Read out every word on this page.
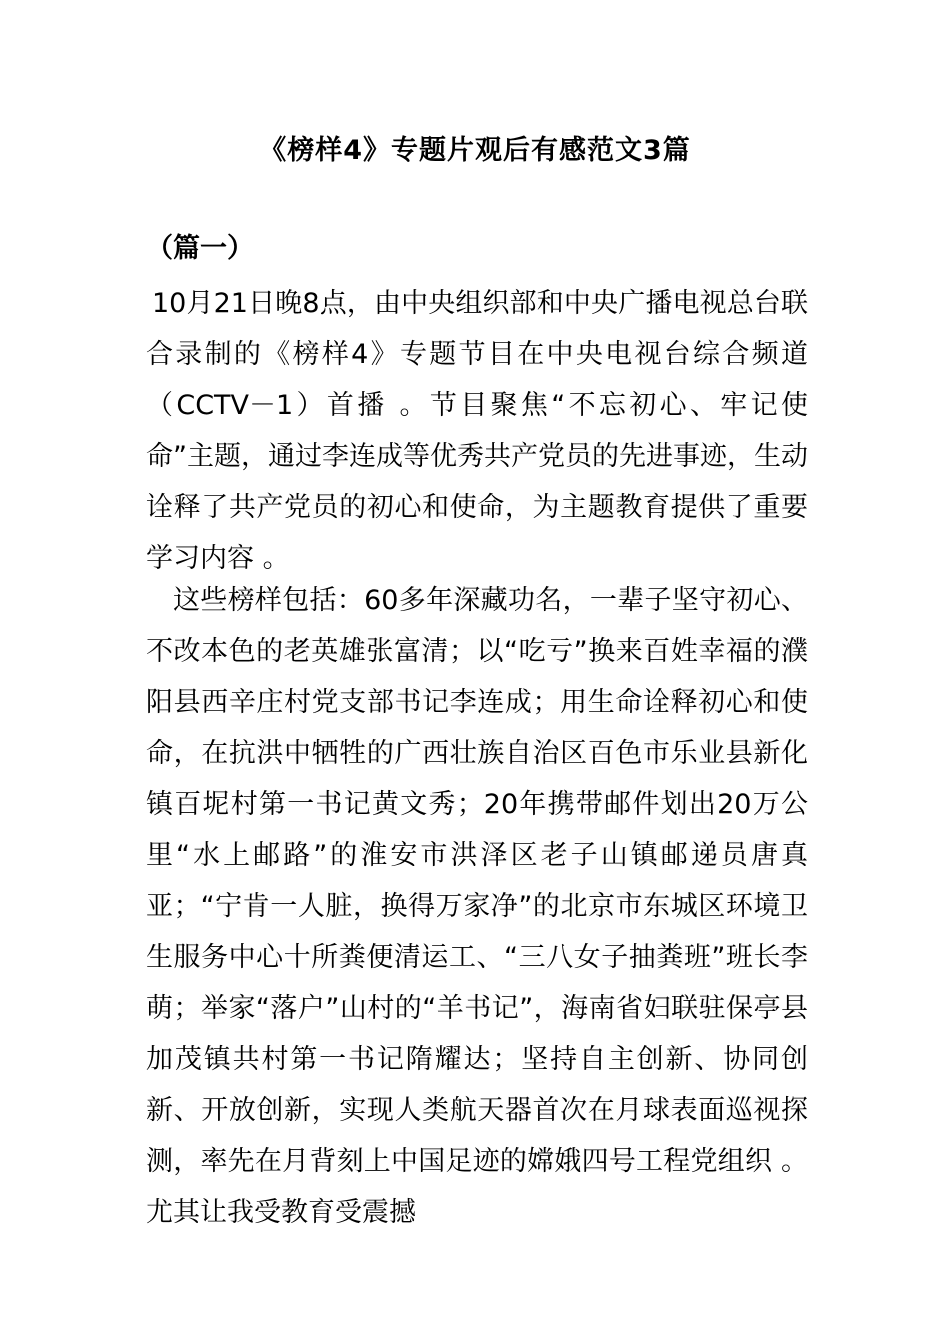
《榜样4》专题片观后有感范文3篇
（篇一）

10月21日晚8点，由中央组织部和中央广播电视总台联合录制的《榜样4》专题节目在中央电视台综合频道（CCTV－1）首播 。节目聚焦“不忘初心、牢记使命”主题，通过李连成等优秀共产党员的先进事迹，生动诠释了共产党员的初心和使命，为主题教育提供了重要学习内容 。

这些榜样包括：60多年深藏功名，一辈子坚守初心、不改本色的老英雄张富清；以“吃亏”换来百姓幸福的濮阳县西辛庄村党支部书记李连成；用生命诠释初心和使命，在抗洪中牺牲的广西壮族自治区百色市乐业县新化镇百坭村第一书记黄文秀；20年携带邮件划出20万公里“水上邮路”的淮安市洪泽区老子山镇邮递员唐真亚；“宁肯一人脏，换得万家净”的北京市东城区环境卫生服务中心十所粪便清运工、“三八女子抽粪班”班长李萌；举家“落户”山村的“羊书记”，海南省妇联驻保亭县加茂镇共村第一书记隋耀达；坚持自主创新、协同创新、开放创新，实现人类航天器首次在月球表面巡视探测，率先在月背刻上中国足迹的嫦娥四号工程党组织 。尤其让我受教育受震撼
